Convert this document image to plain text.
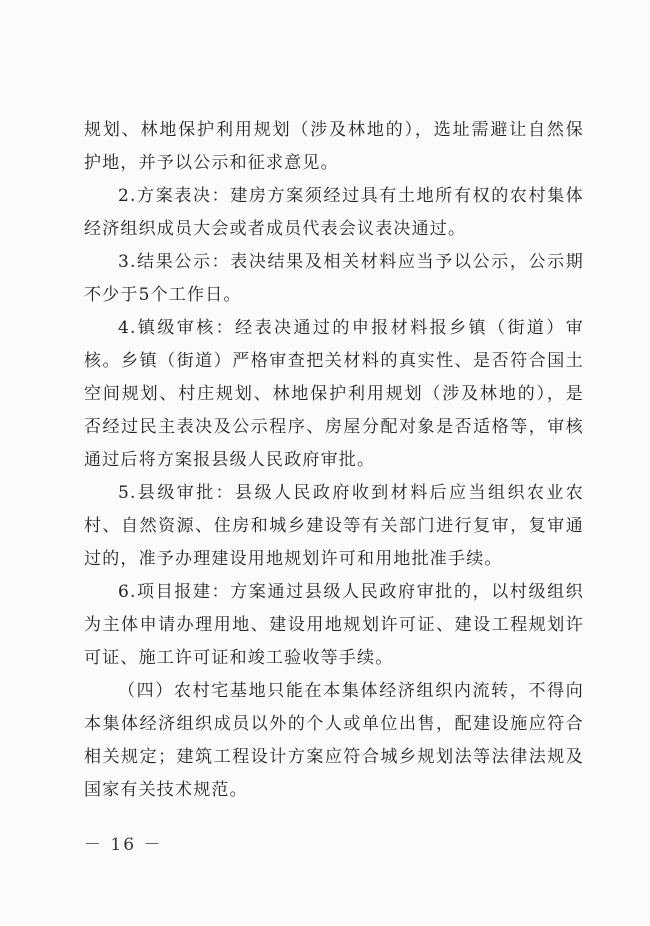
规划、林地保护利用规划（涉及林地的），选址需避让自然保护地，并予以公示和征求意见。

2.方案表决：建房方案须经过具有土地所有权的农村集体经济组织成员大会或者成员代表会议表决通过。

3.结果公示：表决结果及相关材料应当予以公示，公示期不少于5个工作日。

4.镇级审核：经表决通过的申报材料报乡镇（街道）审核。乡镇（街道）严格审查把关材料的真实性、是否符合国土空间规划、村庄规划、林地保护利用规划（涉及林地的），是否经过民主表决及公示程序、房屋分配对象是否适格等，审核通过后将方案报县级人民政府审批。

5.县级审批：县级人民政府收到材料后应当组织农业农村、自然资源、住房和城乡建设等有关部门进行复审，复审通过的，准予办理建设用地规划许可和用地批准手续。

6.项目报建：方案通过县级人民政府审批的，以村级组织为主体申请办理用地、建设用地规划许可证、建设工程规划许可证、施工许可证和竣工验收等手续。

（四）农村宅基地只能在本集体经济组织内流转，不得向本集体经济组织成员以外的个人或单位出售，配建设施应符合相关规定；建筑工程设计方案应符合城乡规划法等法律法规及国家有关技术规范。

－ 16 －
